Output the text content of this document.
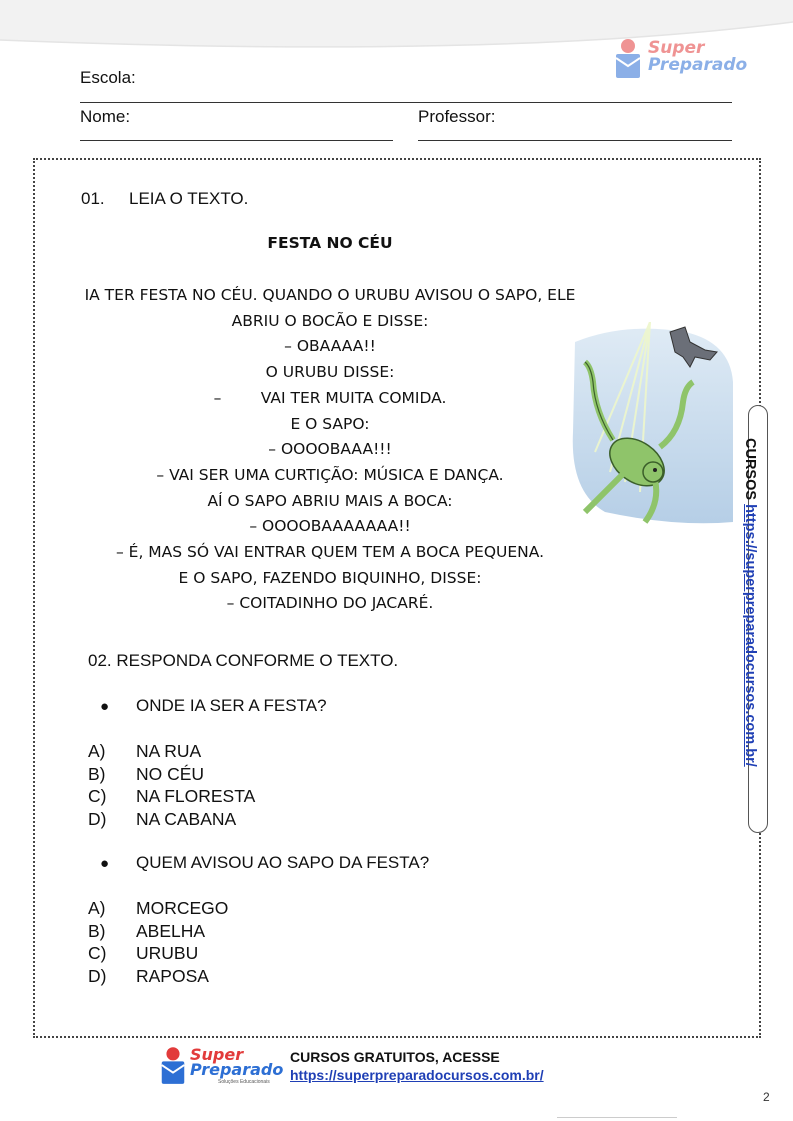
Super
Preparado
Escola:
Nome:	Professor:
01. LEIA O TEXTO.
FESTA NO CÉU
IA TER FESTA NO CÉU. QUANDO O URUBU AVISOU O SAPO, ELE
ABRIU O BOCÃO E DISSE:
– OBAAAA!!
O URUBU DISSE:
–        VAI TER MUITA COMIDA.
E O SAPO:
– OOOOBAAA!!!
– VAI SER UMA CURTIÇÃO: MÚSICA E DANÇA.
AÍ O SAPO ABRIU MAIS A BOCA:
– OOOOBAAAAAAA!!
– É, MAS SÓ VAI ENTRAR QUEM TEM A BOCA PEQUENA.
E O SAPO, FAZENDO BIQUINHO, DISSE:
– COITADINHO DO JACARÉ.
02. RESPONDA CONFORME O TEXTO.
● ONDE IA SER A FESTA?
A)	NA RUA
B)	NO CÉU
C)	NA FLORESTA
D)	NA CABANA
● QUEM AVISOU AO SAPO DA FESTA?
A)	MORCEGO
B)	ABELHA
C)	URUBU
D)	RAPOSA
CURSOS https://superpreparadocursos.com.br/
Super
Preparado
Soluções Educacionais
CURSOS GRATUITOS, ACESSE
https://superpreparadocursos.com.br/
2
